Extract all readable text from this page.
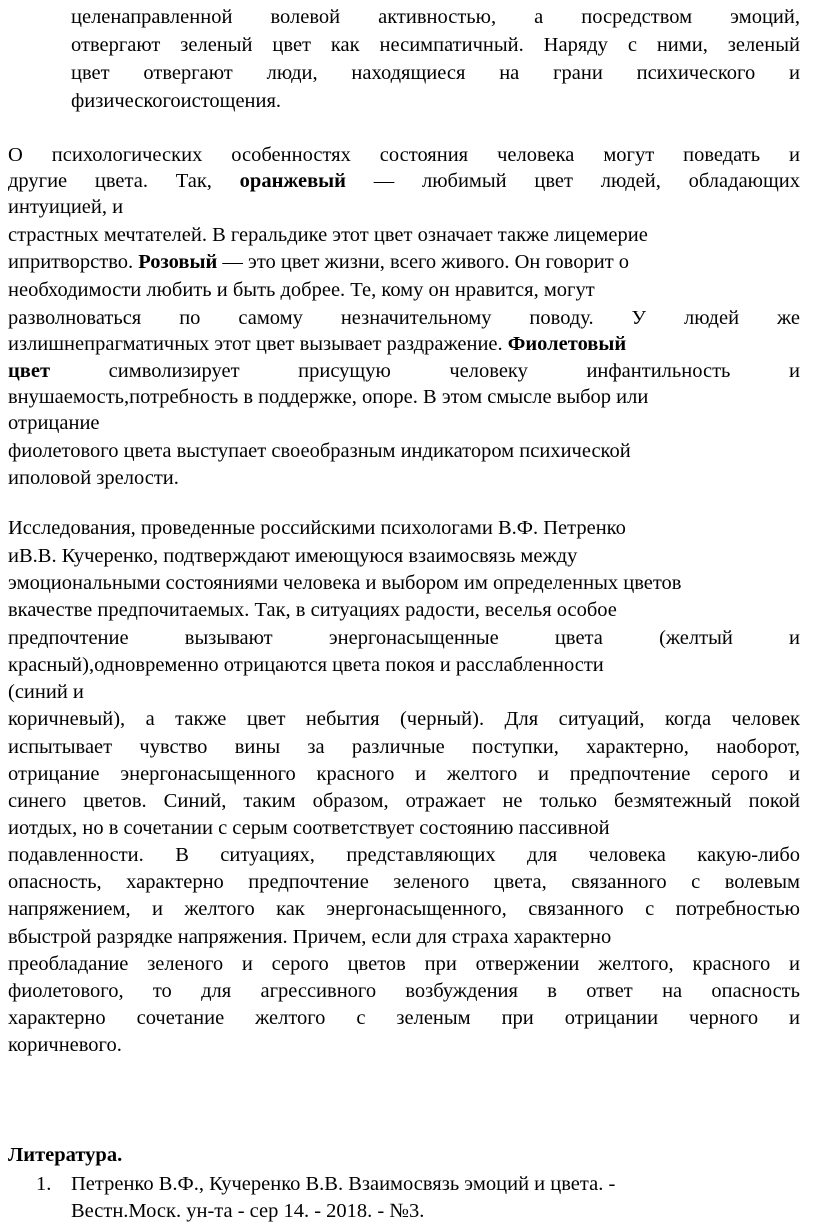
целенаправленной волевой активностью, а посредством эмоций,

отвергают зеленый цвет как несимпатичный. Наряду с ними, зеленый

цвет отвергают люди, находящиеся на грани психического и

физическогоистощения.

О психологических особенностях состояния человека могут поведать и

другие цвета. Так, оранжевый — любимый цвет людей, обладающих

интуицией, и

страстных мечтателей. В геральдике этот цвет означает также лицемерие

ипритворство. Розовый — это цвет жизни, всего живого. Он говорит о

необходимости любить и быть добрее. Те, кому он нравится, могут

разволноваться по самому незначительному поводу. У людей же

излишнепрагматичных этот цвет вызывает раздражение. Фиолетовый

цвет символизирует присущую человеку инфантильность и

внушаемость,потребность в поддержке, опоре. В этом смысле выбор или

отрицание

фиолетового цвета выступает своеобразным индикатором психической

иполовой зрелости.

Исследования, проведенные российскими психологами В.Ф. Петренко

иВ.В. Кучеренко, подтверждают имеющуюся взаимосвязь между

эмоциональными состояниями человека и выбором им определенных цветов

вкачестве предпочитаемых. Так, в ситуациях радости, веселья особое

предпочтение вызывают энергонасыщенные цвета (желтый и

красный),одновременно отрицаются цвета покоя и расслабленности

(синий и

коричневый), а также цвет небытия (черный). Для ситуаций, когда человек

испытывает чувство вины за различные поступки, характерно, наоборот,

отрицание энергонасыщенного красного и желтого и предпочтение серого и

синего цветов. Синий, таким образом, отражает не только безмятежный покой

иотдых, но в сочетании с серым соответствует состоянию пассивной

подавленности. В ситуациях, представляющих для человека какую-либо

опасность, характерно предпочтение зеленого цвета, связанного с волевым

напряжением, и желтого как энергонасыщенного, связанного с потребностью

вбыстрой разрядке напряжения. Причем, если для страха характерно

преобладание зеленого и серого цветов при отвержении желтого, красного и

фиолетового, то для агрессивного возбуждения в ответ на опасность

характерно сочетание желтого с зеленым при отрицании черного и

коричневого.

Литература.

1. Петренко В.Ф., Кучеренко В.В. Взаимосвязь эмоций и цвета. -

Вестн.Моск. ун-та - сер 14. - 2018. - №3.
